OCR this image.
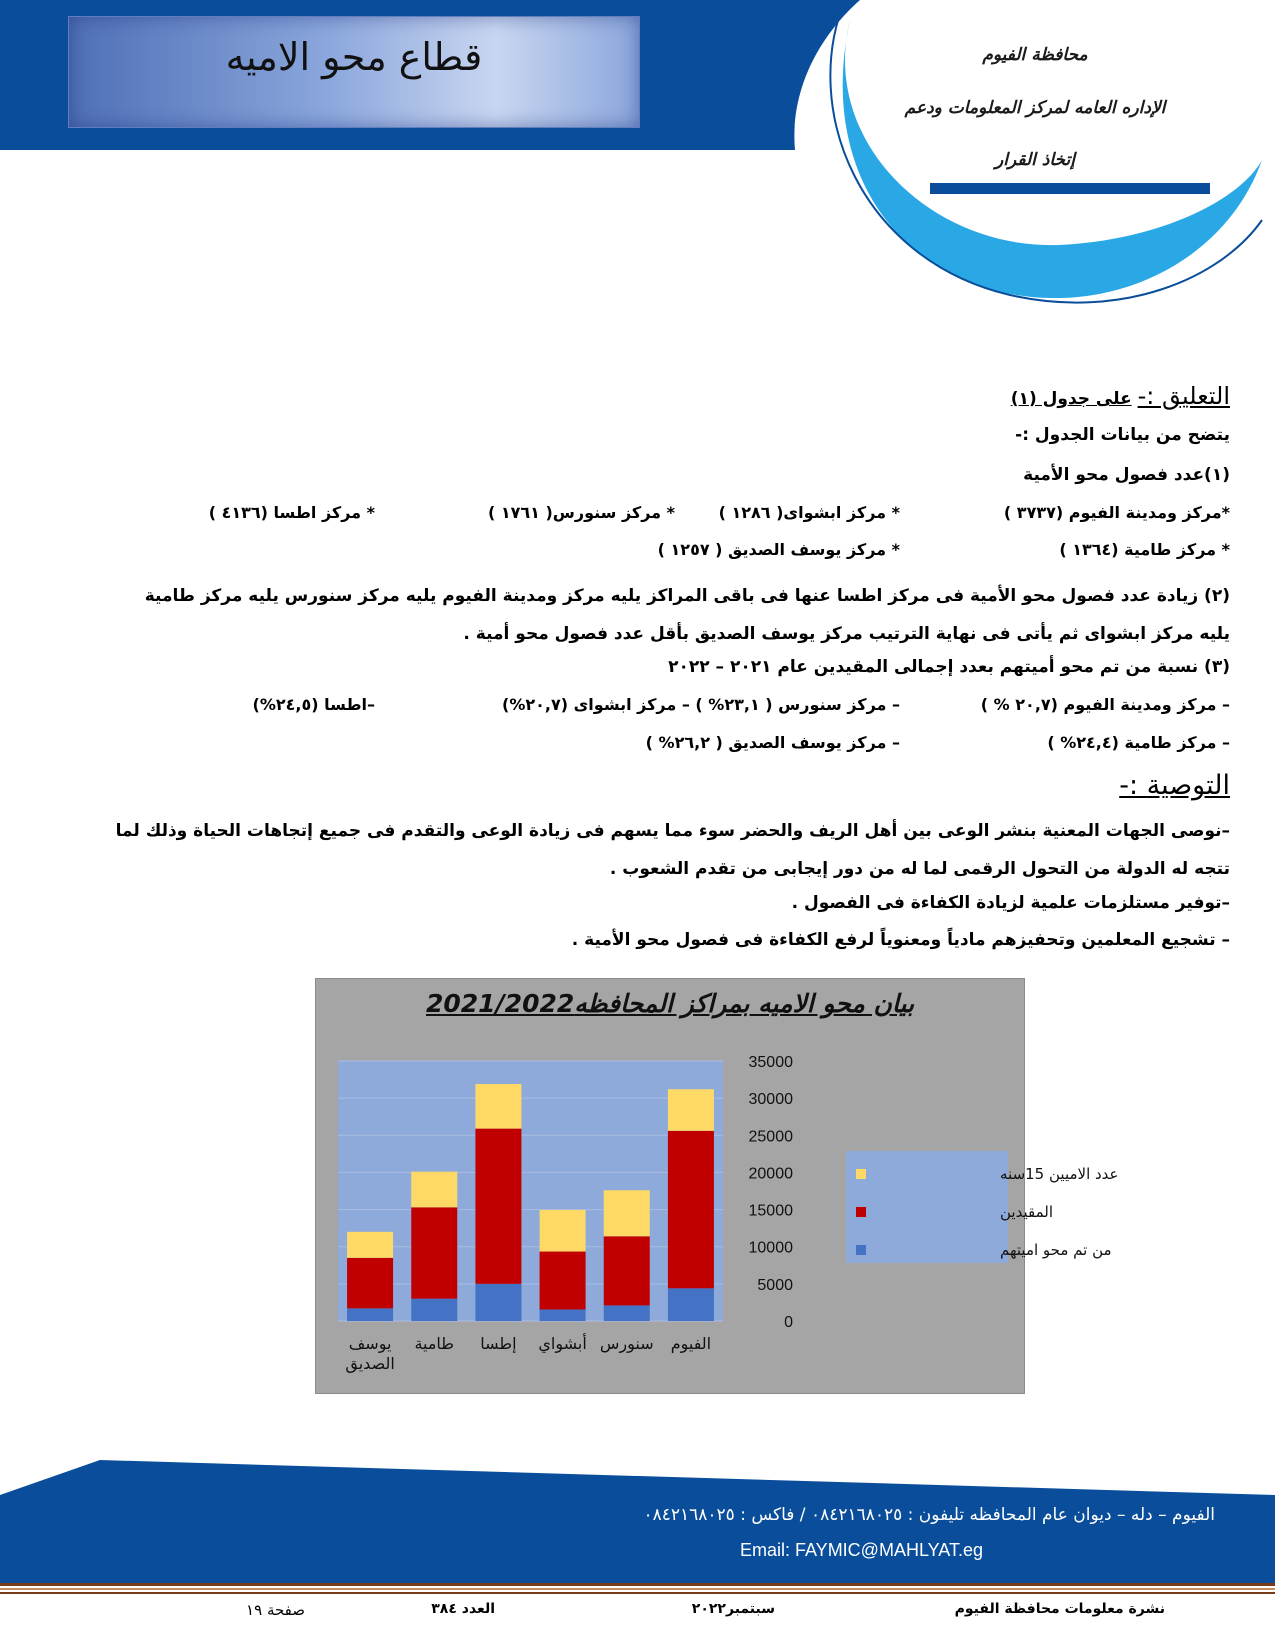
قطاع محو الاميه	محافظة الفيوم
الإداره العامه لمركز المعلومات ودعم
إتخاذ القرار
التعليق :- على جدول (١)
يتضح من بيانات الجدول :-
(١)عدد فصول محو الأمية
*مركز ومدينة الفيوم (٣٧٣٧ )
* مركز ابشواى( ١٢٨٦ )
* مركز سنورس( ١٧٦١ )
* مركز اطسا (٤١٣٦ )
* مركز طامية (١٣٦٤ )
* مركز يوسف الصديق ( ١٢٥٧ )
(٢) زيادة عدد فصول محو الأمية فى مركز اطسا عنها فى باقى المراكز يليه مركز ومدينة الفيوم يليه مركز سنورس يليه مركز طامية يليه مركز ابشواى ثم يأتى فى نهاية الترتيب مركز يوسف الصديق بأقل عدد فصول محو أمية .
(٣) نسبة من تم محو أميتهم بعدد إجمالى المقيدين عام ٢٠٢١ – ٢٠٢٢
– مركز ومدينة الفيوم (٢٠,٧ % )
– مركز سنورس ( ٢٣,١% ) – مركز ابشواى (٢٠,٧%)
–اطسا (٢٤,٥%)
– مركز طامية (٢٤,٤% )
– مركز يوسف الصديق ( ٢٦,٢% )
التوصية :-
–نوصى الجهات المعنية بنشر الوعى بين أهل الريف والحضر سوء مما يسهم فى زيادة الوعى والتقدم فى جميع إتجاهات الحياة وذلك لما تتجه له الدولة من التحول الرقمى لما له من دور إيجابى من تقدم الشعوب .
–توفير مستلزمات علمية لزيادة الكفاءة فى الفصول .
– تشجيع المعلمين وتحفيزهم مادياً ومعنوياً لرفع الكفاءة فى فصول محو الأمية .
بيان محو الاميه بمراكز المحافظه2021/2022
0
5000
10000
15000
20000
25000
30000
35000
الفيوم
سنورس
أبشواي
إطسا
طامية
يوسف الصديق
عدد الاميين 15سنه
المقيدين
من تم محو اميتهم
الفيوم – دله – ديوان عام المحافظه تليفون : ٠٨٤٢١٦٨٠٢٥ / فاكس : ٠٨٤٢١٦٨٠٢٥
Email: FAYMIC@MAHLYAT.eg
نشرة معلومات محافظة الفيوم
سبتمبر٢٠٢٢
العدد ٣٨٤
صفحة ١٩
